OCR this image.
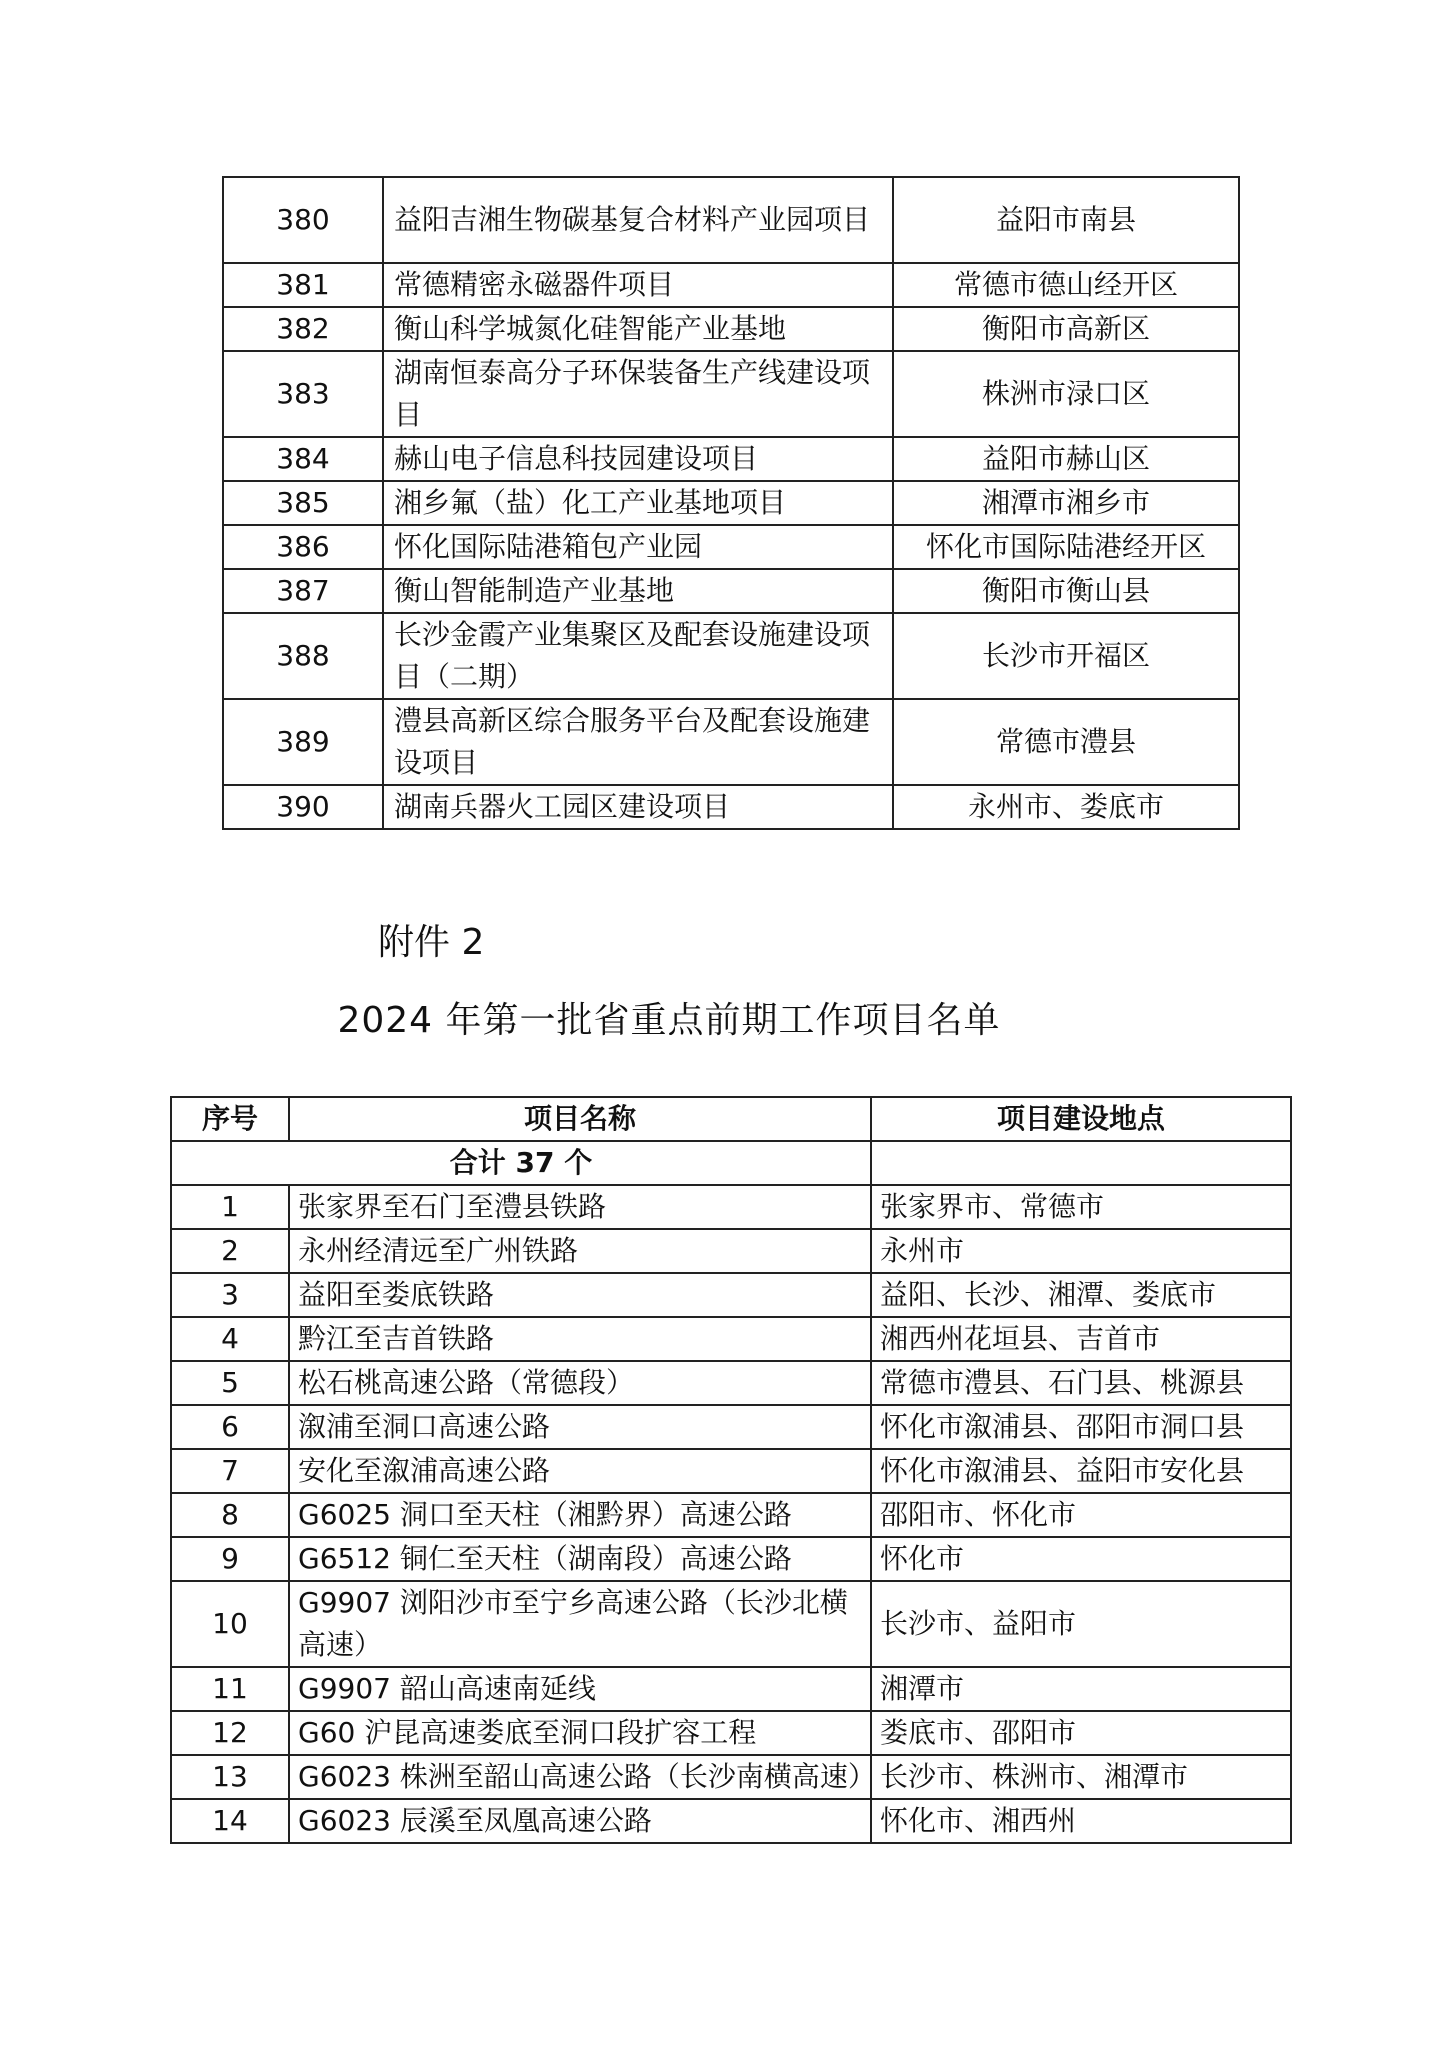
380	益阳吉湘生物碳基复合材料产业园项目	益阳市南县
381	常德精密永磁器件项目	常德市德山经开区
382	衡山科学城氮化硅智能产业基地	衡阳市高新区
383	湖南恒泰高分子环保装备生产线建设项目	株洲市渌口区
384	赫山电子信息科技园建设项目	益阳市赫山区
385	湘乡氟（盐）化工产业基地项目	湘潭市湘乡市
386	怀化国际陆港箱包产业园	怀化市国际陆港经开区
387	衡山智能制造产业基地	衡阳市衡山县
388	长沙金霞产业集聚区及配套设施建设项目（二期）	长沙市开福区
389	澧县高新区综合服务平台及配套设施建设项目	常德市澧县
390	湖南兵器火工园区建设项目	永州市、娄底市
附件 2
2024 年第一批省重点前期工作项目名单
序号	项目名称	项目建设地点
合计 37 个		
1	张家界至石门至澧县铁路	张家界市、常德市
2	永州经清远至广州铁路	永州市
3	益阳至娄底铁路	益阳、长沙、湘潭、娄底市
4	黔江至吉首铁路	湘西州花垣县、吉首市
5	松石桃高速公路（常德段）	常德市澧县、石门县、桃源县
6	溆浦至洞口高速公路	怀化市溆浦县、邵阳市洞口县
7	安化至溆浦高速公路	怀化市溆浦县、益阳市安化县
8	G6025 洞口至天柱（湘黔界）高速公路	邵阳市、怀化市
9	G6512 铜仁至天柱（湖南段）高速公路	怀化市
10	G9907 浏阳沙市至宁乡高速公路（长沙北横高速）	长沙市、益阳市
11	G9907 韶山高速南延线	湘潭市
12	G60 沪昆高速娄底至洞口段扩容工程	娄底市、邵阳市
13	G6023 株洲至韶山高速公路（长沙南横高速）	长沙市、株洲市、湘潭市
14	G6023 辰溪至凤凰高速公路	怀化市、湘西州
